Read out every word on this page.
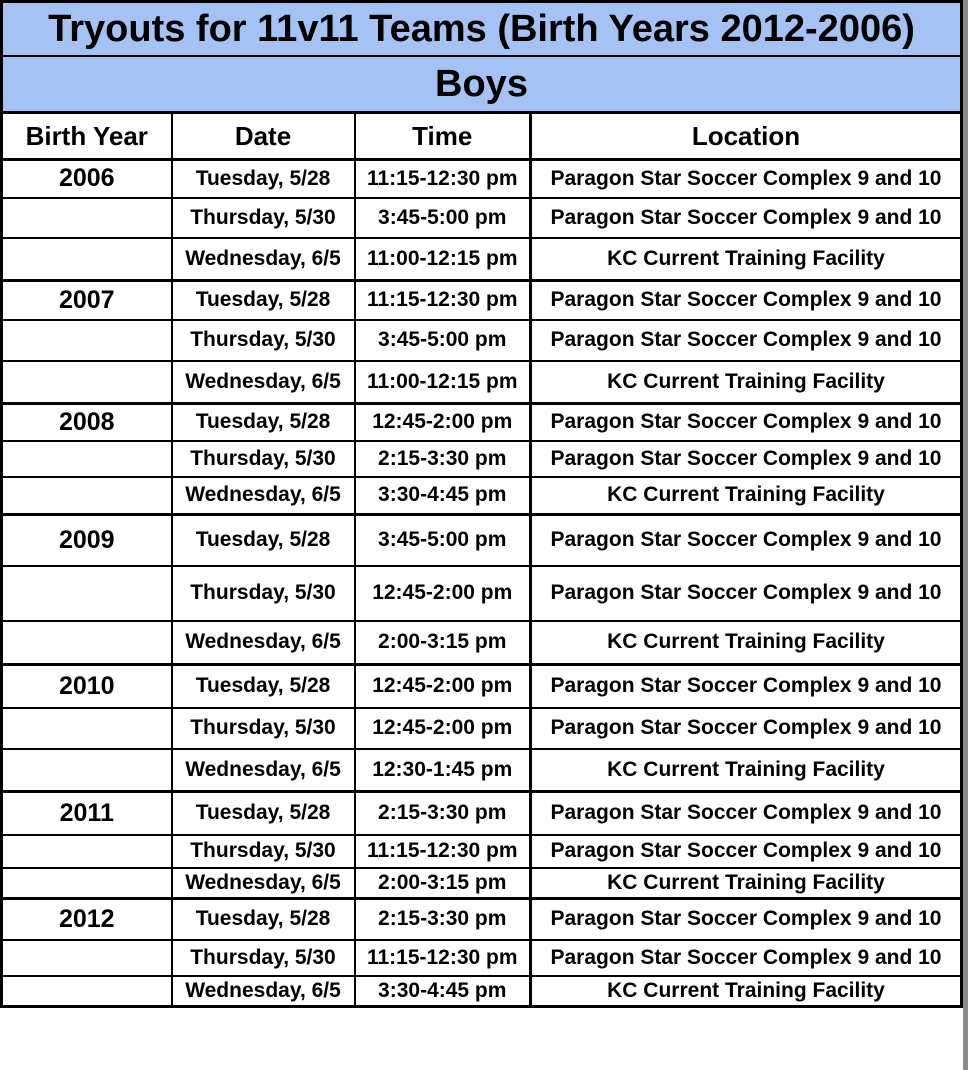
Tryouts for 11v11 Teams (Birth Years 2012-2006)			
Boys			
Birth Year	Date	Time	Location
2006	Tuesday, 5/28	11:15-12:30 pm	Paragon Star Soccer Complex 9 and 10
	Thursday, 5/30	3:45-5:00 pm	Paragon Star Soccer Complex 9 and 10
	Wednesday, 6/5	11:00-12:15 pm	KC Current Training Facility
2007	Tuesday, 5/28	11:15-12:30 pm	Paragon Star Soccer Complex 9 and 10
	Thursday, 5/30	3:45-5:00 pm	Paragon Star Soccer Complex 9 and 10
	Wednesday, 6/5	11:00-12:15 pm	KC Current Training Facility
2008	Tuesday, 5/28	12:45-2:00 pm	Paragon Star Soccer Complex 9 and 10
	Thursday, 5/30	2:15-3:30 pm	Paragon Star Soccer Complex 9 and 10
	Wednesday, 6/5	3:30-4:45 pm	KC Current Training Facility
2009	Tuesday, 5/28	3:45-5:00 pm	Paragon Star Soccer Complex 9 and 10
	Thursday, 5/30	12:45-2:00 pm	Paragon Star Soccer Complex 9 and 10
	Wednesday, 6/5	2:00-3:15 pm	KC Current Training Facility
2010	Tuesday, 5/28	12:45-2:00 pm	Paragon Star Soccer Complex 9 and 10
	Thursday, 5/30	12:45-2:00 pm	Paragon Star Soccer Complex 9 and 10
	Wednesday, 6/5	12:30-1:45 pm	KC Current Training Facility
2011	Tuesday, 5/28	2:15-3:30 pm	Paragon Star Soccer Complex 9 and 10
	Thursday, 5/30	11:15-12:30 pm	Paragon Star Soccer Complex 9 and 10
	Wednesday, 6/5	2:00-3:15 pm	KC Current Training Facility
2012	Tuesday, 5/28	2:15-3:30 pm	Paragon Star Soccer Complex 9 and 10
	Thursday, 5/30	11:15-12:30 pm	Paragon Star Soccer Complex 9 and 10
	Wednesday, 6/5	3:30-4:45 pm	KC Current Training Facility
